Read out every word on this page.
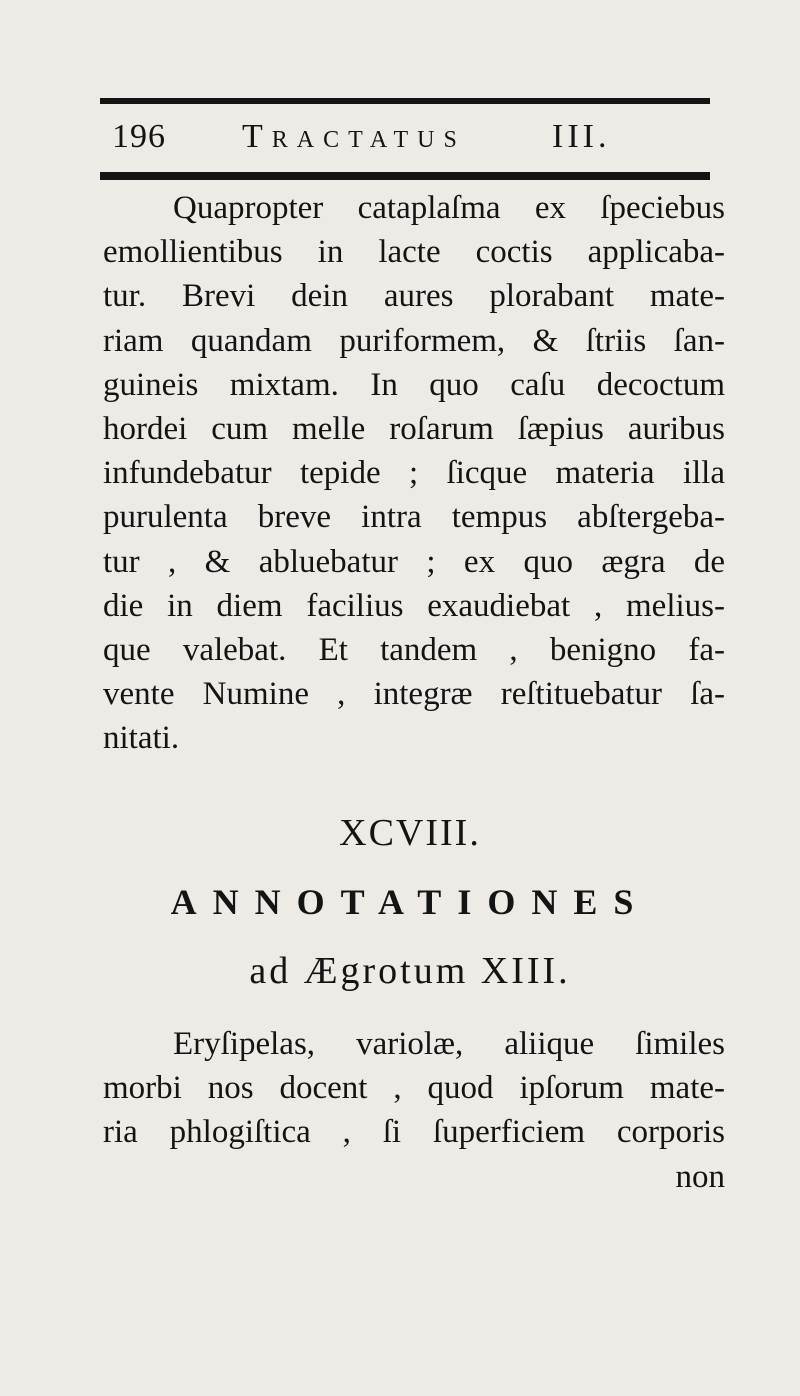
196 Tractatus	III.
Quapropter cataplaſma ex ſpeciebus
emollientibus in lacte coctis applicaba-
tur. Brevi dein aures plorabant mate-
riam quandam puriformem, & ſtriis ſan-
guineis mixtam. In quo caſu decoctum
hordei cum melle roſarum ſæpius auribus
infundebatur tepide ; ſicque materia illa
purulenta breve intra tempus abſtergeba-
tur , & abluebatur ; ex quo ægra de
die in diem facilius exaudiebat , melius-
que valebat. Et tandem , benigno fa-
vente Numine , integræ reſtituebatur ſa-
nitati.
XCVIII.
ANNOTATIONES
ad Ægrotum XIII.
Eryſipelas, variolæ, aliique ſimiles
morbi nos docent , quod ipſorum mate-
ria phlogiſtica , ſi ſuperficiem corporis
non
